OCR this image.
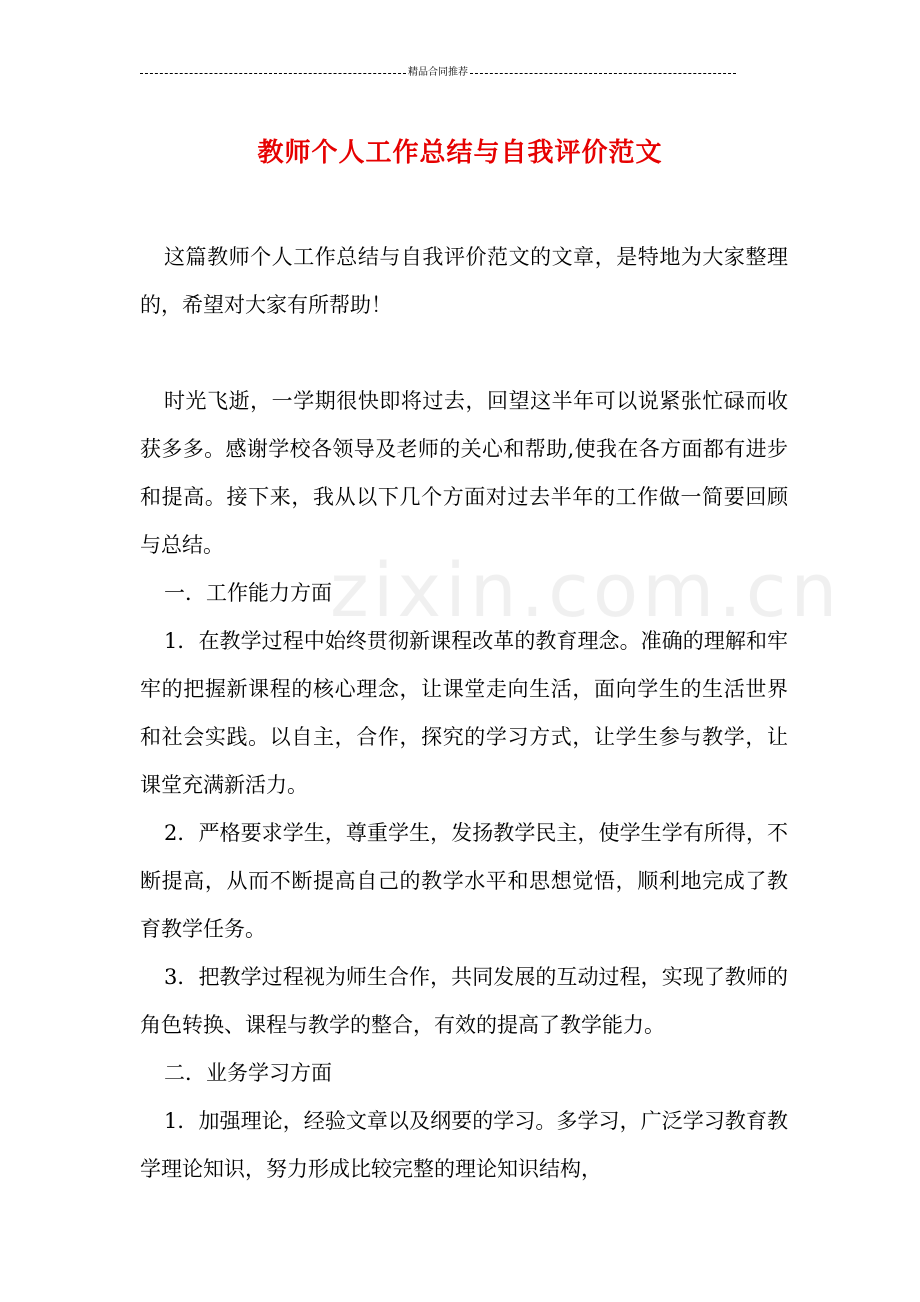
精品合同推荐
zixin.com.cn
教师个人工作总结与自我评价范文

这篇教师个人工作总结与自我评价范文的文章，是特地为大家整理的，希望对大家有所帮助！

时光飞逝，一学期很快即将过去，回望这半年可以说紧张忙碌而收获多多。感谢学校各领导及老师的关心和帮助,使我在各方面都有进步和提高。接下来，我从以下几个方面对过去半年的工作做一简要回顾与总结。

一．工作能力方面

1．在教学过程中始终贯彻新课程改革的教育理念。准确的理解和牢牢的把握新课程的核心理念，让课堂走向生活，面向学生的生活世界和社会实践。以自主，合作，探究的学习方式，让学生参与教学，让课堂充满新活力。

2．严格要求学生，尊重学生，发扬教学民主，使学生学有所得，不断提高，从而不断提高自己的教学水平和思想觉悟，顺利地完成了教育教学任务。

3．把教学过程视为师生合作，共同发展的互动过程，实现了教师的角色转换、课程与教学的整合，有效的提高了教学能力。

二．业务学习方面

1．加强理论，经验文章以及纲要的学习。多学习，广泛学习教育教学理论知识，努力形成比较完整的理论知识结构，
